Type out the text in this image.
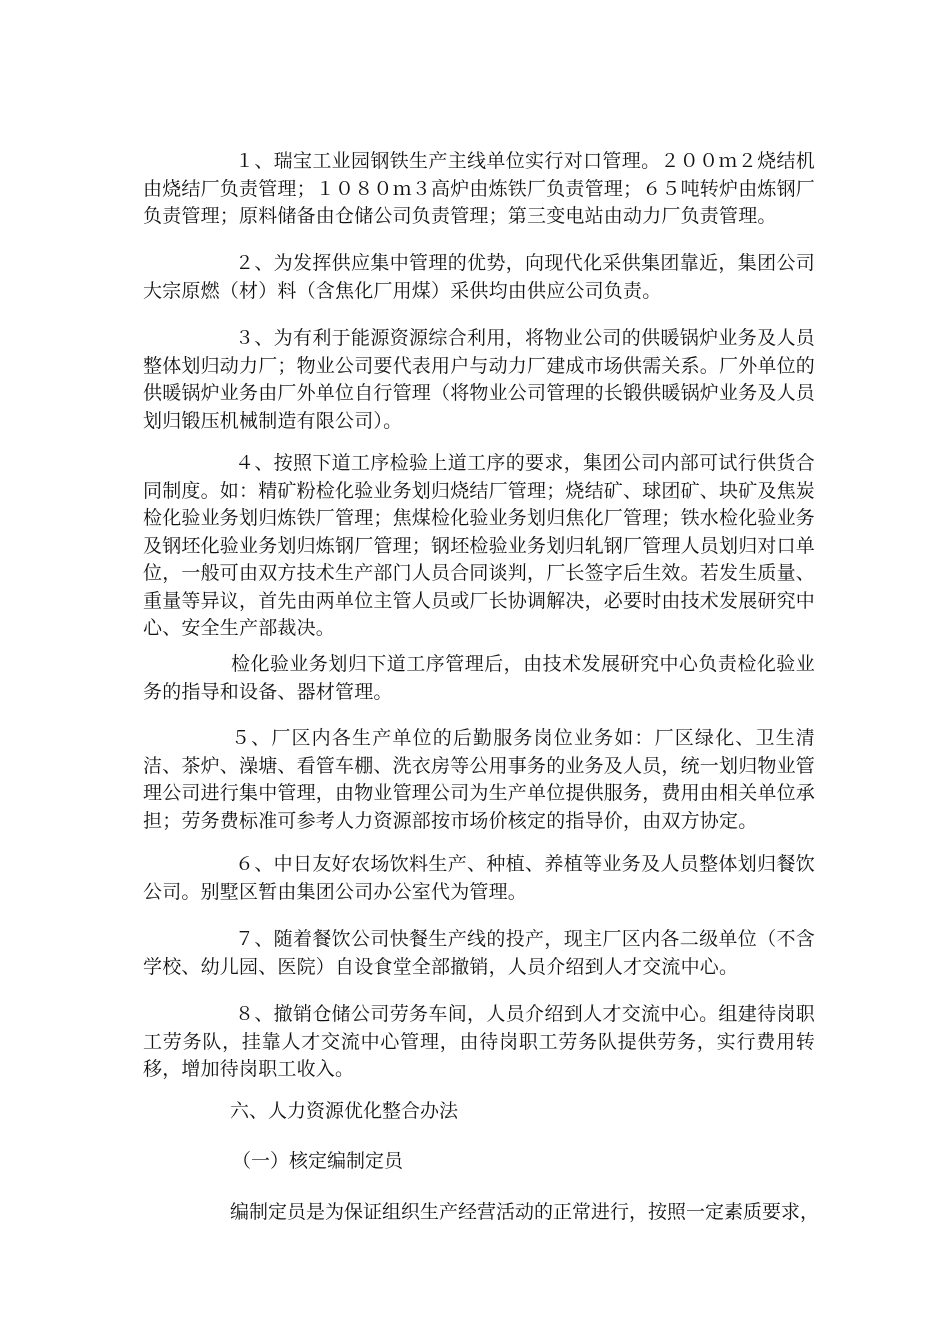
１、瑞宝工业园钢铁生产主线单位实行对口管理。２００ｍ２烧结机由烧结厂负责管理；１０８０ｍ３高炉由炼铁厂负责管理；６５吨转炉由炼钢厂负责管理；原料储备由仓储公司负责管理；第三变电站由动力厂负责管理。

２、为发挥供应集中管理的优势，向现代化采供集团靠近，集团公司大宗原燃（材）料（含焦化厂用煤）采供均由供应公司负责。

３、为有利于能源资源综合利用，将物业公司的供暖锅炉业务及人员整体划归动力厂；物业公司要代表用户与动力厂建成市场供需关系。厂外单位的供暖锅炉业务由厂外单位自行管理（将物业公司管理的长锻供暖锅炉业务及人员划归锻压机械制造有限公司）。

４、按照下道工序检验上道工序的要求，集团公司内部可试行供货合同制度。如：精矿粉检化验业务划归烧结厂管理；烧结矿、球团矿、块矿及焦炭检化验业务划归炼铁厂管理；焦煤检化验业务划归焦化厂管理；铁水检化验业务及钢坯化验业务划归炼钢厂管理；钢坯检验业务划归轧钢厂管理人员划归对口单位，一般可由双方技术生产部门人员合同谈判，厂长签字后生效。若发生质量、重量等异议，首先由两单位主管人员或厂长协调解决，必要时由技术发展研究中心、安全生产部裁决。

检化验业务划归下道工序管理后，由技术发展研究中心负责检化验业务的指导和设备、器材管理。

５、厂区内各生产单位的后勤服务岗位业务如：厂区绿化、卫生清洁、茶炉、澡塘、看管车棚、洗衣房等公用事务的业务及人员，统一划归物业管理公司进行集中管理，由物业管理公司为生产单位提供服务，费用由相关单位承担；劳务费标准可参考人力资源部按市场价核定的指导价，由双方协定。

６、中日友好农场饮料生产、种植、养植等业务及人员整体划归餐饮公司。别墅区暂由集团公司办公室代为管理。

７、随着餐饮公司快餐生产线的投产，现主厂区内各二级单位（不含学校、幼儿园、医院）自设食堂全部撤销，人员介绍到人才交流中心。

８、撤销仓储公司劳务车间，人员介绍到人才交流中心。组建待岗职工劳务队，挂靠人才交流中心管理，由待岗职工劳务队提供劳务，实行费用转移，增加待岗职工收入。

六、人力资源优化整合办法

（一）核定编制定员

编制定员是为保证组织生产经营活动的正常进行，按照一定素质要求，
